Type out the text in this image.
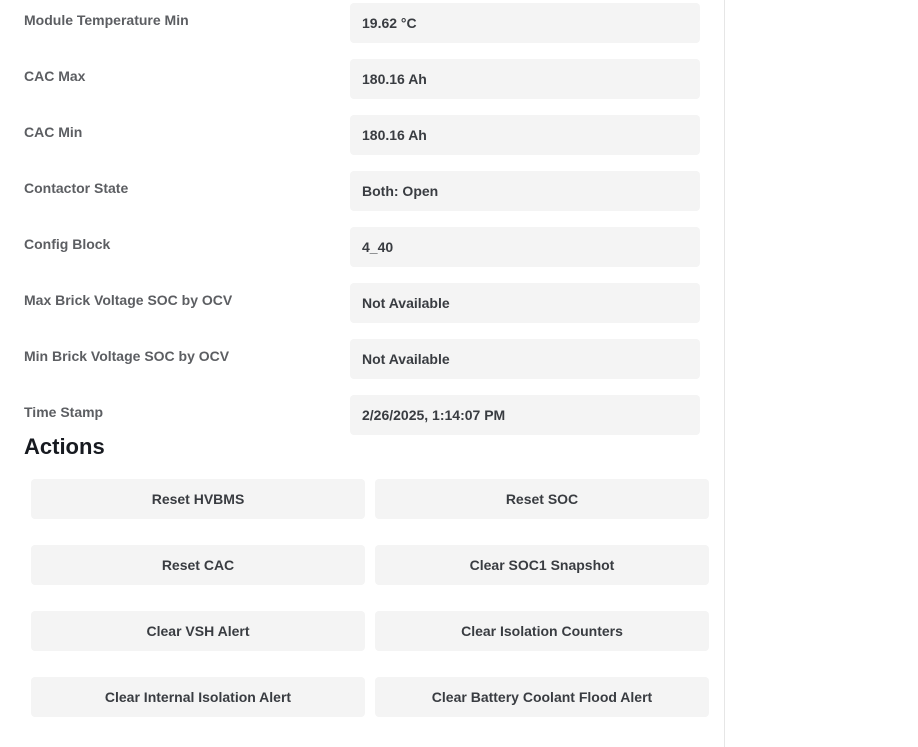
Module Temperature Min	19.62 °C
CAC Max	180.16 Ah
CAC Min	180.16 Ah
Contactor State	Both: Open
Config Block	4_40
Max Brick Voltage SOC by OCV	Not Available
Min Brick Voltage SOC by OCV	Not Available
Time Stamp	2/26/2025, 1:14:07 PM
Actions
Reset HVBMS	Reset SOC
Reset CAC	Clear SOC1 Snapshot
Clear VSH Alert	Clear Isolation Counters
Clear Internal Isolation Alert	Clear Battery Coolant Flood Alert
